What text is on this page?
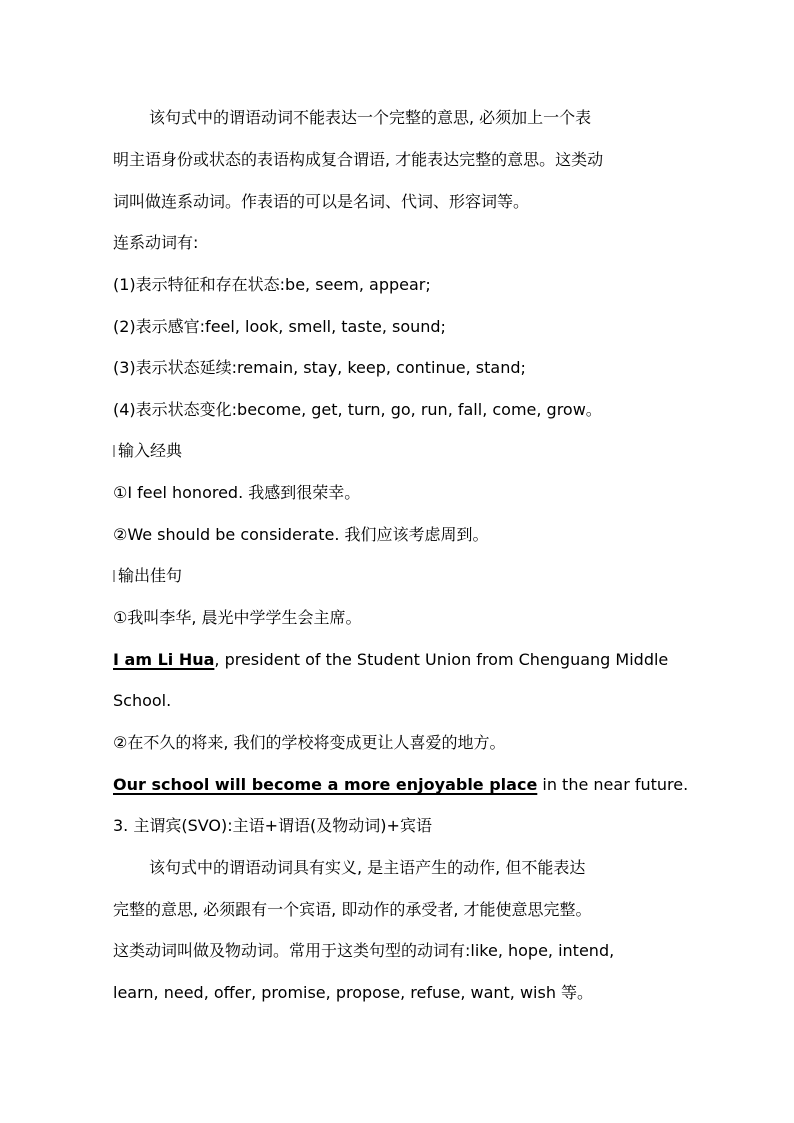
该句式中的谓语动词不能表达一个完整的意思, 必须加上一个表
明主语身份或状态的表语构成复合谓语, 才能表达完整的意思。这类动
词叫做连系动词。作表语的可以是名词、代词、形容词等。
连系动词有:
(1)表示特征和存在状态:be, seem, appear;
(2)表示感官:feel, look, smell, taste, sound;
(3)表示状态延续:remain, stay, keep, continue, stand;
(4)表示状态变化:become, get, turn, go, run, fall, come, grow。
输入经典
①I feel honored. 我感到很荣幸。
②We should be considerate. 我们应该考虑周到。
输出佳句
①我叫李华, 晨光中学学生会主席。
I am Li Hua, president of the Student Union from Chenguang Middle
School.
②在不久的将来, 我们的学校将变成更让人喜爱的地方。
Our school will become a more enjoyable place in the near future.
3. 主谓宾(SVO):主语+谓语(及物动词)+宾语
该句式中的谓语动词具有实义, 是主语产生的动作, 但不能表达
完整的意思, 必须跟有一个宾语, 即动作的承受者, 才能使意思完整。
这类动词叫做及物动词。常用于这类句型的动词有:like, hope, intend,
learn, need, offer, promise, propose, refuse, want, wish 等。
